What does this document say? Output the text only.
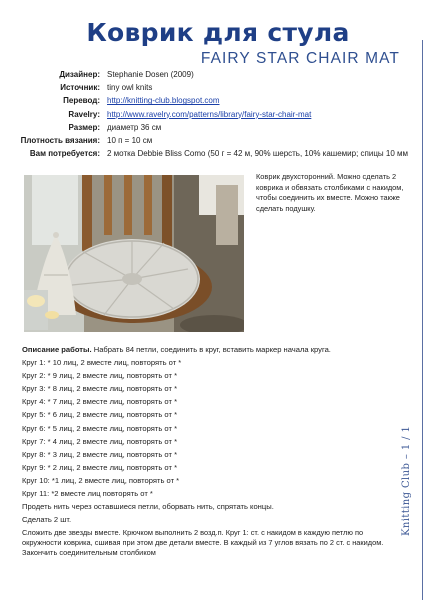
Коврик для стула
FAIRY STAR CHAIR MAT
Дизайнер: Stephanie Dosen (2009)
Источник: tiny owl knits
Перевод: http://knitting-club.blogspot.com
Ravelry: http://www.ravelry.com/patterns/library/fairy-star-chair-mat
Размер: диаметр 36 см
Плотность вязания: 10 п = 10 см
Вам потребуется: 2 мотка Debbie Bliss Como (50 г = 42 м, 90% шерсть, 10% кашемир; спицы 10 мм
Коврик двухсторонний. Можно сделать 2 коврика и обвязать столбиками с накидом, чтобы соединить их вместе. Можно также сделать подушку.
Описание работы. Набрать 84 петли, соединить в круг, вставить маркер начала круга.
Круг 1: * 10 лиц, 2 вместе лиц, повторять от *
Круг 2: * 9 лиц, 2 вместе лиц, повторять от *
Круг 3: * 8 лиц, 2 вместе лиц, повторять от *
Круг 4: * 7 лиц, 2 вместе лиц, повторять от *
Круг 5: * 6 лиц, 2 вместе лиц, повторять от *
Круг 6: * 5 лиц, 2 вместе лиц, повторять от *
Круг 7: * 4 лиц, 2 вместе лиц, повторять от *
Круг 8: * 3 лиц, 2 вместе лиц, повторять от *
Круг 9: * 2 лиц, 2 вместе лиц, повторять от *
Круг 10: *1 лиц, 2 вместе лиц, повторять от *
Круг 11: *2 вместе лиц повторять от *
Продеть нить через оставшиеся петли, оборвать нить, спрятать концы.
Сделать 2 шт.
Сложить две звезды вместе. Крючком выполнить 2 возд.п. Круг 1: ст. с накидом в каждую петлю по окружности коврика, сшивая при этом две детали вместе. В каждый из 7 углов вязать по 2 ст. с накидом. Закончить соединительным столбиком
Knitting Club – 1 / 1
